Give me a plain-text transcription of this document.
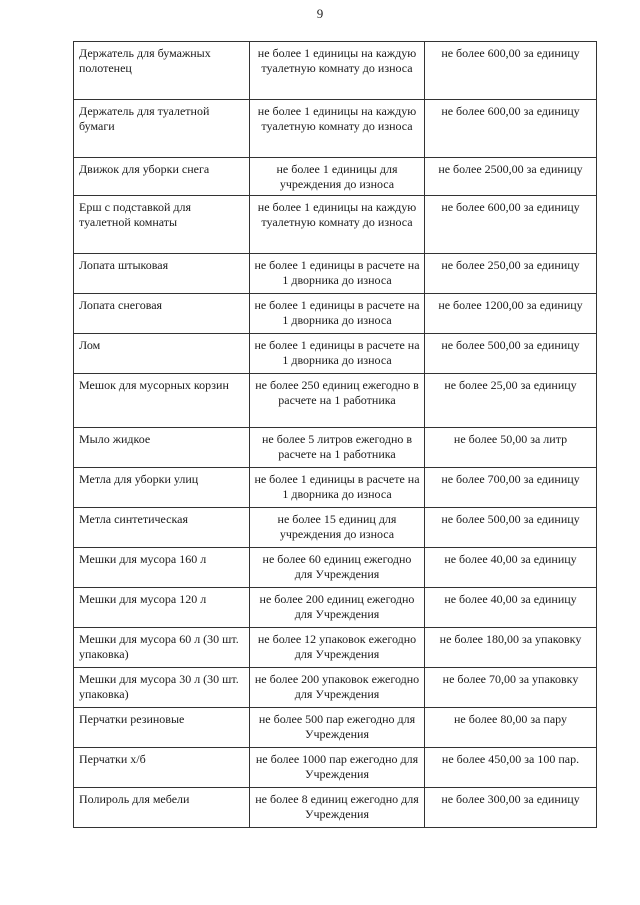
9
Держатель для бумажных полотенец	не более 1 единицы на каждую туалетную комнату до износа	не более 600,00 за единицу

Держатель для туалетной бумаги	не более 1 единицы на каждую туалетную комнату до износа	не более 600,00 за единицу

Движок для уборки снега	не более 1 единицы для учреждения до износа	не более 2500,00 за единицу

Ерш с подставкой для туалетной комнаты	не более 1 единицы на каждую туалетную комнату до износа	не более 600,00 за единицу

Лопата штыковая	не более 1 единицы в расчете на 1 дворника до износа	не более 250,00 за единицу

Лопата снеговая	не более 1 единицы в расчете на 1 дворника до износа	не более 1200,00 за единицу

Лом	не более 1 единицы в расчете на 1 дворника до износа	не более 500,00 за единицу

Мешок для мусорных корзин	не более 250 единиц ежегодно в расчете на 1 работника	не более 25,00 за единицу

Мыло жидкое	не более 5 литров ежегодно в расчете на 1 работника	не более 50,00 за литр

Метла для уборки улиц	не более 1 единицы в расчете на 1 дворника до износа	не более 700,00 за единицу

Метла синтетическая	не более 15 единиц для учреждения до износа	не более 500,00 за единицу

Мешки для мусора 160 л	не более 60 единиц ежегодно для Учреждения	не более 40,00 за единицу

Мешки для мусора 120 л	не более 200 единиц ежегодно для Учреждения	не более 40,00 за единицу

Мешки для мусора 60 л (30 шт. упаковка)	не более 12 упаковок ежегодно для Учреждения	не более 180,00 за упаковку

Мешки для мусора 30 л (30 шт. упаковка)	не более 200 упаковок ежегодно для Учреждения	не более 70,00 за упаковку

Перчатки резиновые	не более 500 пар ежегодно для Учреждения	не более 80,00 за пару

Перчатки х/б	не более 1000 пар ежегодно для Учреждения	не более 450,00 за 100 пар.

Полироль для мебели	не более 8 единиц ежегодно для Учреждения	не более 300,00 за единицу
